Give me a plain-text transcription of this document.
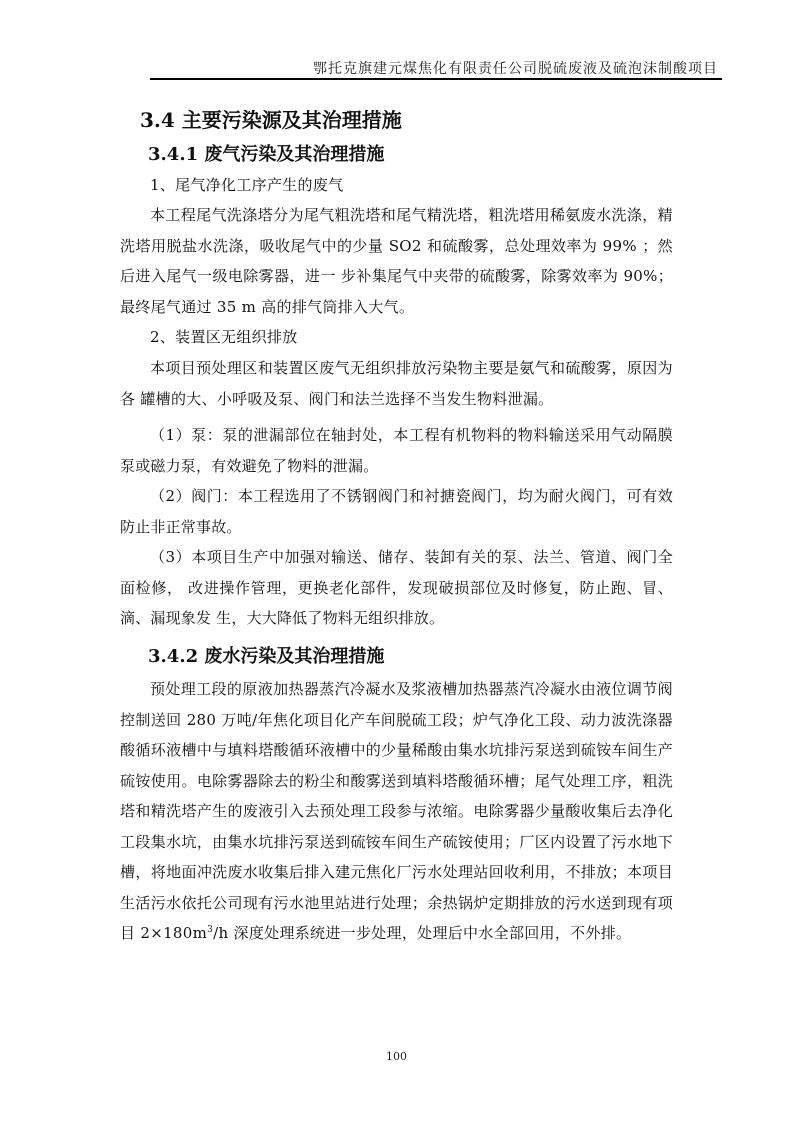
鄂托克旗建元煤焦化有限责任公司脱硫废液及硫泡沫制酸项目
3.4 主要污染源及其治理措施
3.4.1 废气污染及其治理措施

1、尾气净化工序产生的废气

本工程尾气洗涤塔分为尾气粗洗塔和尾气精洗塔，粗洗塔用稀氨废水洗涤，精洗塔用脱盐水洗涤，吸收尾气中的少量 SO2 和硫酸雾，总处理效率为 99% ；然后进入尾气一级电除雾器，进一 步补集尾气中夹带的硫酸雾，除雾效率为 90%；最终尾气通过 35 m 高的排气筒排入大气。

2、装置区无组织排放

本项目预处理区和装置区废气无组织排放污染物主要是氨气和硫酸雾，原因为各 罐槽的大、小呼吸及泵、阀门和法兰选择不当发生物料泄漏。

（1）泵：泵的泄漏部位在轴封处，本工程有机物料的物料输送采用气动隔膜泵或磁力泵，有效避免了物料的泄漏。

（2）阀门：本工程选用了不锈钢阀门和衬搪瓷阀门，均为耐火阀门，可有效防止非正常事故。

（3）本项目生产中加强对输送、储存、装卸有关的泵、法兰、管道、阀门全面检修， 改进操作管理，更换老化部件，发现破损部位及时修复，防止跑、冒、滴、漏现象发 生，大大降低了物料无组织排放。

3.4.2 废水污染及其治理措施

预处理工段的原液加热器蒸汽冷凝水及浆液槽加热器蒸汽冷凝水由液位调节阀控制送回 280 万吨/年焦化项目化产车间脱硫工段；炉气净化工段、动力波洗涤器酸循环液槽中与填料塔酸循环液槽中的少量稀酸由集水坑排污泵送到硫铵车间生产硫铵使用。电除雾器除去的粉尘和酸雾送到填料塔酸循环槽；尾气处理工序，粗洗塔和精洗塔产生的废液引入去预处理工段参与浓缩。电除雾器少量酸收集后去净化工段集水坑，由集水坑排污泵送到硫铵车间生产硫铵使用；厂区内设置了污水地下槽，将地面冲洗废水收集后排入建元焦化厂污水处理站回收利用，不排放；本项目生活污水依托公司现有污水池里站进行处理；余热锅炉定期排放的污水送到现有项目 $2\times 180m^3/h$ 深度处理系统进一步处理，处理后中水全部回用，不外排。

100
